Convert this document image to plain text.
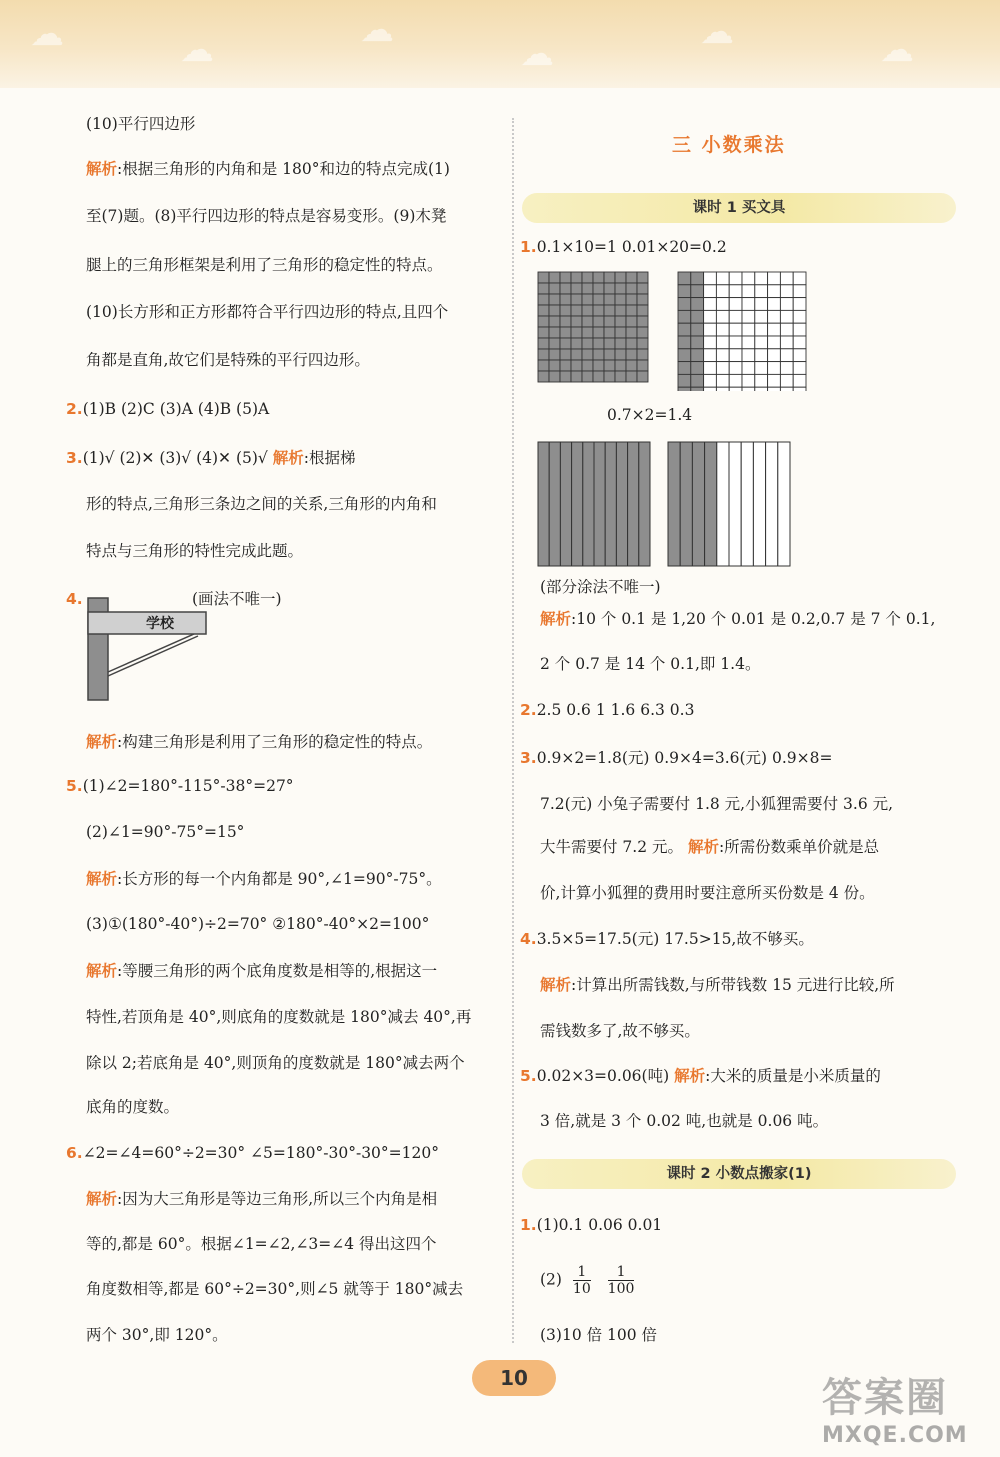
☁	☁	☁
☁
☁	☁
(10)平行四边形
解析:根据三角形的内角和是 180°和边的特点完成(1)
至(7)题。(8)平行四边形的特点是容易变形。(9)木凳
腿上的三角形框架是利用了三角形的稳定性的特点。
(10)长方形和正方形都符合平行四边形的特点,且四个
角都是直角,故它们是特殊的平行四边形。
2.(1)B (2)C (3)A (4)B (5)A
3.(1)√ (2)✕ (3)√ (4)✕ (5)√ 解析:根据梯
形的特点,三角形三条边之间的关系,三角形的内角和
特点与三角形的特性完成此题。
4.
解析:构建三角形是利用了三角形的稳定性的特点。
5.(1)∠2=180°-115°-38°=27°
(2)∠1=90°-75°=15°
解析:长方形的每一个内角都是 90°,∠1=90°-75°。
(3)①(180°-40°)÷2=70° ②180°-40°×2=100°
解析:等腰三角形的两个底角度数是相等的,根据这一
特性,若顶角是 40°,则底角的度数就是 180°减去 40°,再
除以 2;若底角是 40°,则顶角的度数就是 180°减去两个
底角的度数。
6.∠2=∠4=60°÷2=30° ∠5=180°-30°-30°=120°
解析:因为大三角形是等边三角形,所以三个内角是相
等的,都是 60°。根据∠1=∠2,∠3=∠4 得出这四个
角度数相等,都是 60°÷2=30°,则∠5 就等于 180°减去
两个 30°,即 120°。
学校
(画法不唯一)
三 小数乘法
课时 1 买文具
课时 2 小数点搬家(1)
1.0.1×10=1 0.01×20=0.2
0.7×2=1.4
(部分涂法不唯一)
解析:10 个 0.1 是 1,20 个 0.01 是 0.2,0.7 是 7 个 0.1,
2 个 0.7 是 14 个 0.1,即 1.4。
2.2.5 0.6 1 1.6 6.3 0.3
3.0.9×2=1.8(元) 0.9×4=3.6(元) 0.9×8=
7.2(元) 小兔子需要付 1.8 元,小狐狸需要付 3.6 元,
大牛需要付 7.2 元。 解析:所需份数乘单价就是总
价,计算小狐狸的费用时要注意所买份数是 4 份。
4.3.5×5=17.5(元) 17.5>15,故不够买。
解析:计算出所需钱数,与所带钱数 15 元进行比较,所
需钱数多了,故不够买。
5.0.02×3=0.06(吨) 解析:大米的质量是小米质量的
3 倍,就是 3 个 0.02 吨,也就是 0.06 吨。
1.(1)0.1 0.06 0.01
(3)10 倍 100 倍
$(2) \frac{1}{10}$
$\frac{1}{100}$
10	答案圈
MXQE.COM
